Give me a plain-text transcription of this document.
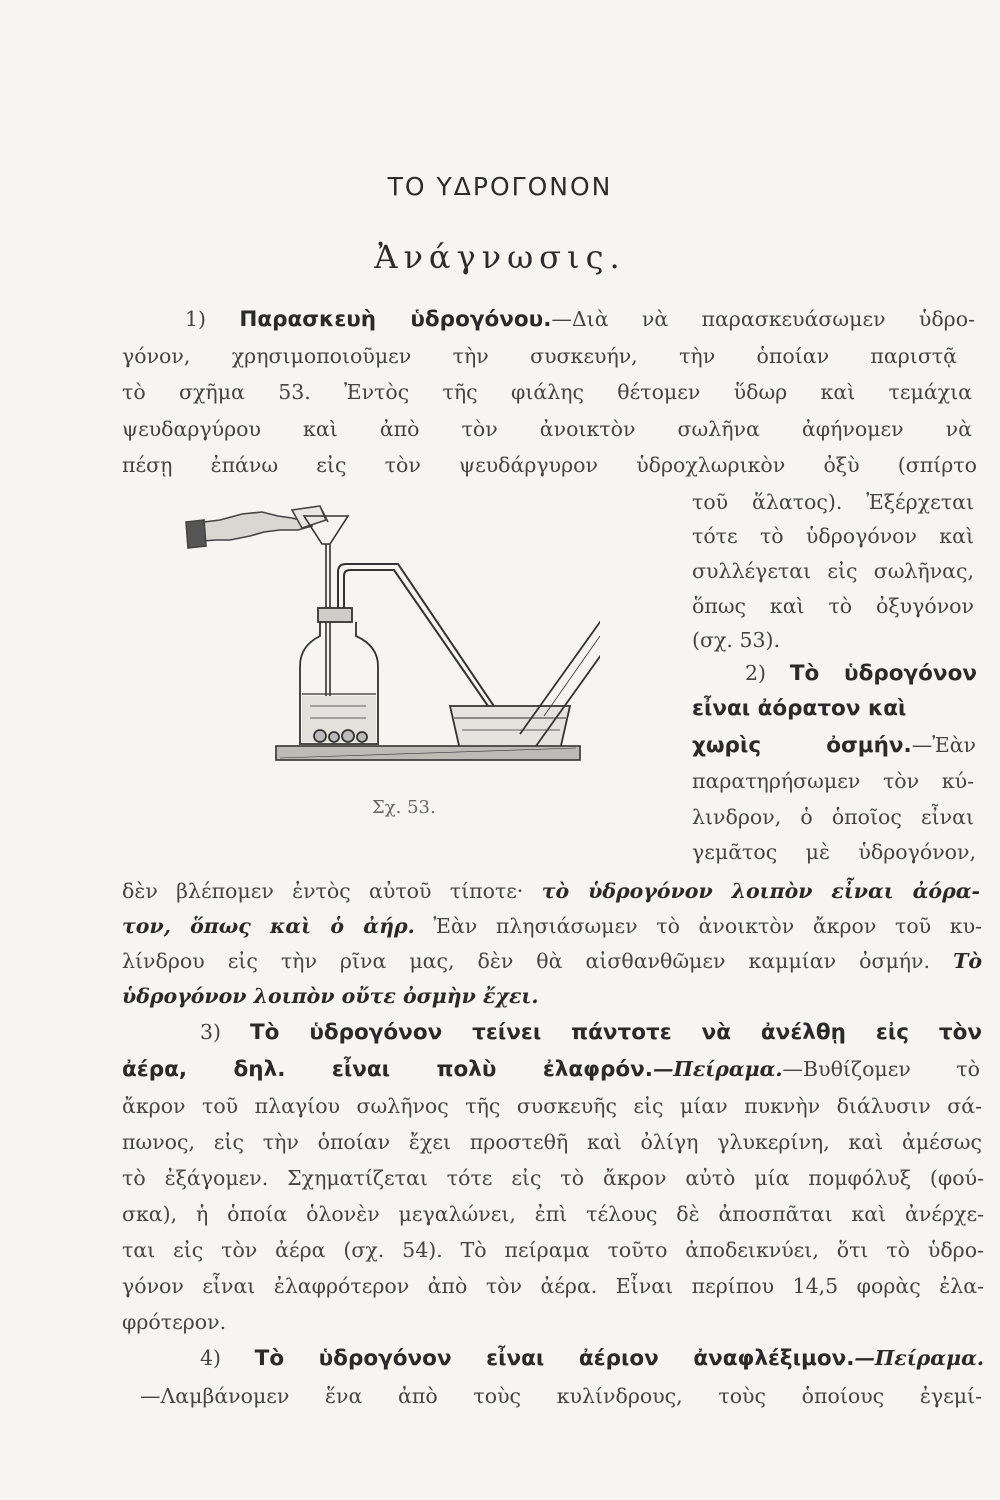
ΤΟ ΥΔΡΟΓΟΝΟΝ
Ἀνάγνωσις.

1) Παρασκευὴ ὑδρογόνου.—Διὰ νὰ παρασκευάσωμεν ὑδρο-

γόνον, χρησιμοποιοῦμεν τὴν συσκευήν, τὴν ὁποίαν παριστᾷ

τὸ σχῆμα 53. Ἐντὸς τῆς φιάλης θέτομεν ὕδωρ καὶ τεμάχια

ψευδαργύρου καὶ ἀπὸ τὸν ἀνοικτὸν σωλῆνα ἀφήνομεν νὰ

πέσῃ ἐπάνω εἰς τὸν ψευδάργυρον ὑδροχλωρικὸν ὀξὺ (σπίρτο

τοῦ ἅλατος). Ἐξέρχεται

τότε τὸ ὑδρογόνον καὶ

συλλέγεται εἰς σωλῆνας,

ὅπως καὶ τὸ ὀξυγόνον

(σχ. 53).

Σχ. 53.

2) Τὸ ὑδρογόνον

εἶναι ἀόρατον καὶ

χωρὶς ὀσμήν.—Ἐὰν

παρατηρήσωμεν τὸν κύ-

λινδρον, ὁ ὁποῖος εἶναι

γεμᾶτος μὲ ὑδρογόνον,

δὲν βλέπομεν ἐντὸς αὐτοῦ τίποτε· τὸ ὑδρογόνον λοιπὸν εἶναι ἀόρα-

τον, ὅπως καὶ ὁ ἀήρ. Ἐὰν πλησιάσωμεν τὸ ἀνοικτὸν ἄκρον τοῦ κυ-

λίνδρου εἰς τὴν ρῖνα μας, δὲν θὰ αἰσθανθῶμεν καμμίαν ὀσμήν. Τὸ

ὑδρογόνον λοιπὸν οὔτε ὀσμὴν ἔχει.

3) Τὸ ὑδρογόνον τείνει πάντοτε νὰ ἀνέλθῃ εἰς τὸν

ἀέρα, δηλ. εἶναι πολὺ ἐλαφρόν.—Πείραμα.—Βυθίζομεν τὸ

ἄκρον τοῦ πλαγίου σωλῆνος τῆς συσκευῆς εἰς μίαν πυκνὴν διάλυσιν σά-

πωνος, εἰς τὴν ὁποίαν ἔχει προστεθῆ καὶ ὀλίγη γλυκερίνη, καὶ ἀμέσως

τὸ ἐξάγομεν. Σχηματίζεται τότε εἰς τὸ ἄκρον αὐτὸ μία πομφόλυξ (φού-

σκα), ἡ ὁποία ὁλονὲν μεγαλώνει, ἐπὶ τέλους δὲ ἀποσπᾶται καὶ ἀνέρχε-

ται εἰς τὸν ἀέρα (σχ. 54). Τὸ πείραμα τοῦτο ἀποδεικνύει, ὅτι τὸ ὑδρο-

γόνον εἶναι ἐλαφρότερον ἀπὸ τὸν ἀέρα. Εἶναι περίπου 14,5 φορὰς ἐλα-

φρότερον.

4) Τὸ ὑδρογόνον εἶναι ἀέριον ἀναφλέξιμον.—Πείραμα.

—Λαμβάνομεν ἕνα ἀπὸ τοὺς κυλίνδρους, τοὺς ὁποίους ἐγεμί-
